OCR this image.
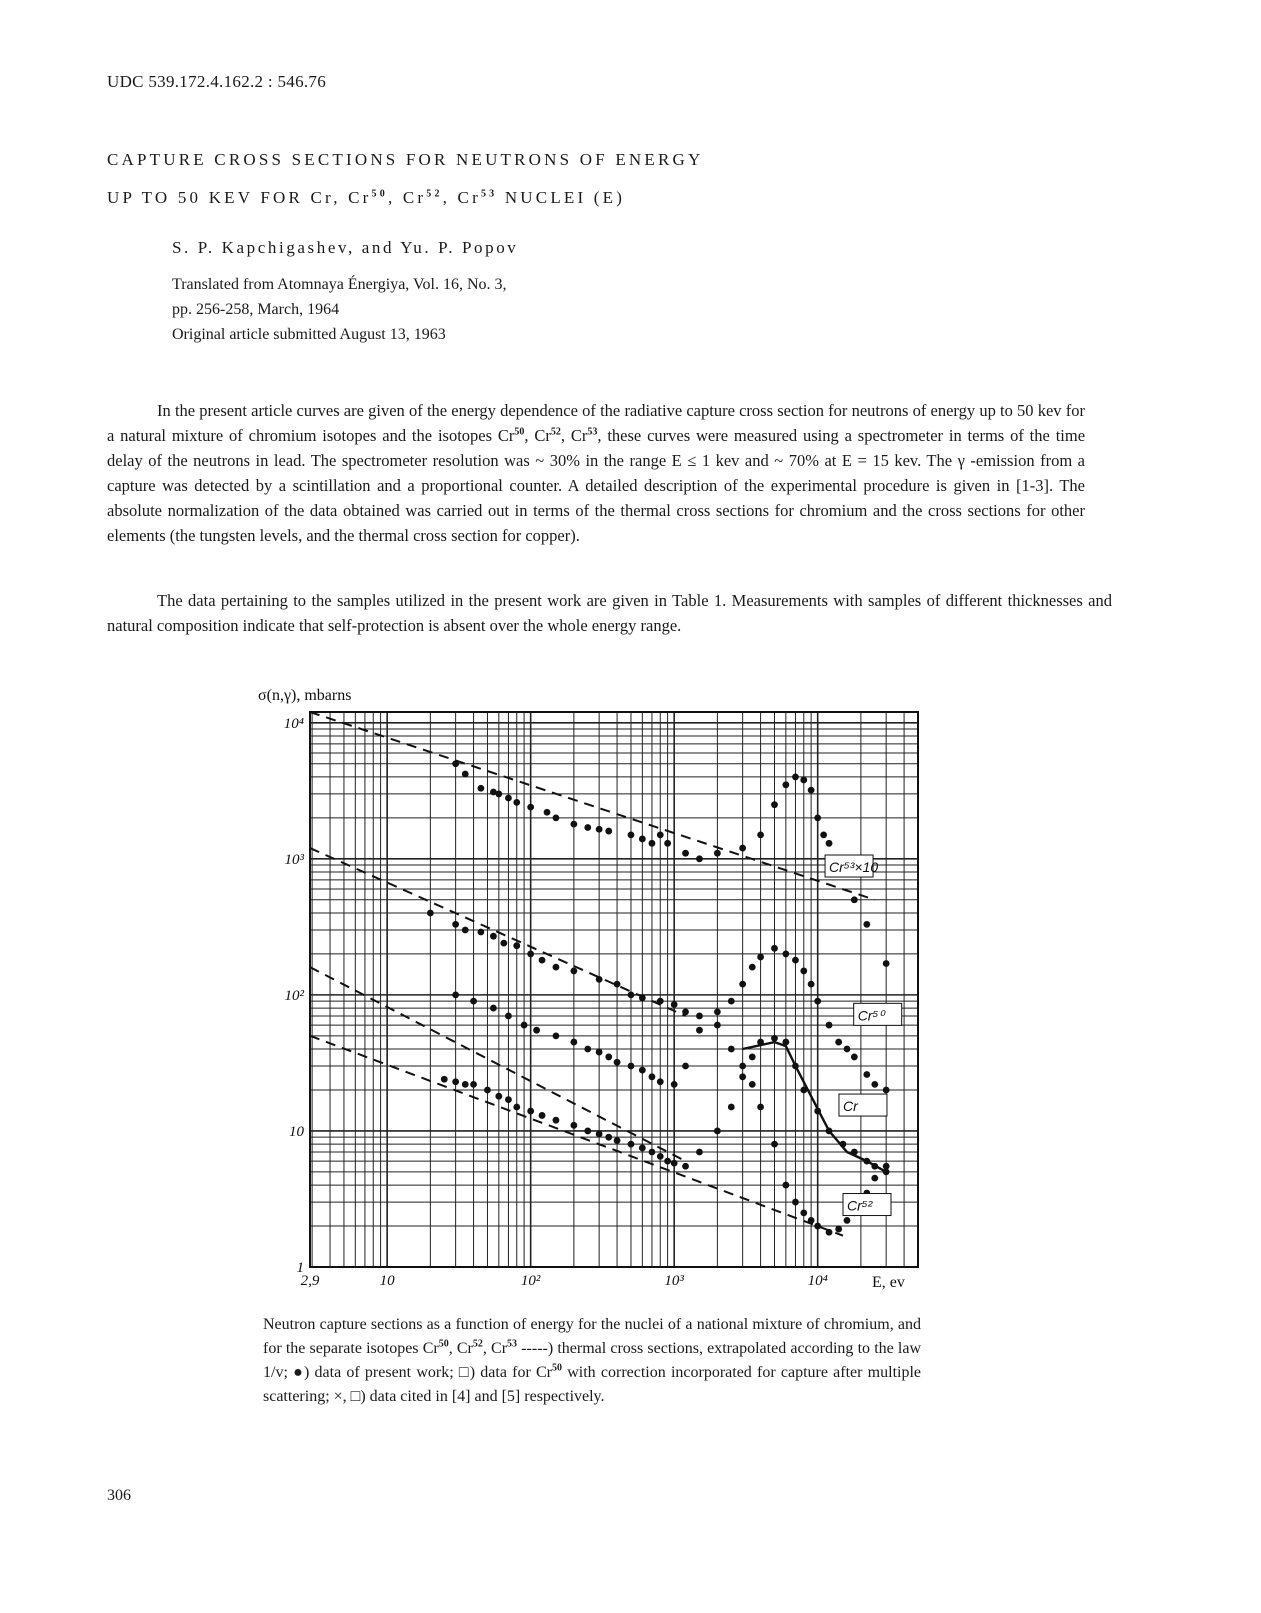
UDC 539.172.4.162.2 : 546.76
CAPTURE CROSS SECTIONS FOR NEUTRONS OF ENERGY
UP TO 50 KEV FOR Cr, Cr$^{50}$, Cr$^{52}$, Cr$^{53}$ NUCLEI (E)
S. P. Kapchigashev, and Yu. P. Popov
Translated from Atomnaya Énergiya, Vol. 16, No. 3,
pp. 256-258, March, 1964
Original article submitted August 13, 1963
In the present article curves are given of the energy dependence of the radiative capture cross section for neutrons of energy up to 50 kev for a natural mixture of chromium isotopes and the isotopes Cr$^{50}$, Cr$^{52}$, Cr$^{53}$, these curves were measured using a spectrometer in terms of the time delay of the neutrons in lead. The spectrometer resolution was ~ 30% in the range E ≤ 1 kev and ~ 70% at E = 15 kev. The γ -emission from a capture was detected by a scintillation and a proportional counter. A detailed description of the experimental procedure is given in [1-3]. The absolute normalization of the data obtained was carried out in terms of the thermal cross sections for chromium and the cross sections for other elements (the tungsten levels, and the thermal cross section for copper).
The data pertaining to the samples utilized in the present work are given in Table 1. Measurements with samples of different thicknesses and natural composition indicate that self-protection is absent over the whole energy range.
2,9	10	10²	10³	10⁴
1
10
10²
10³
10⁴
Cr⁵³×10
Cr⁵⁰
Cr
Cr⁵²
σ(n,γ), mbarns
E, ev
Neutron capture sections as a function of energy for the nuclei of a national mixture of chromium, and for the separate isotopes Cr$^{50}$, Cr$^{52}$, Cr$^{53}$ -----) thermal cross sections, extrapolated according to the law 1/v; ●) data of present work; □) data for Cr$^{50}$ with correction incorporated for capture after multiple scattering; ×, □) data cited in [4] and [5] respectively.
306
